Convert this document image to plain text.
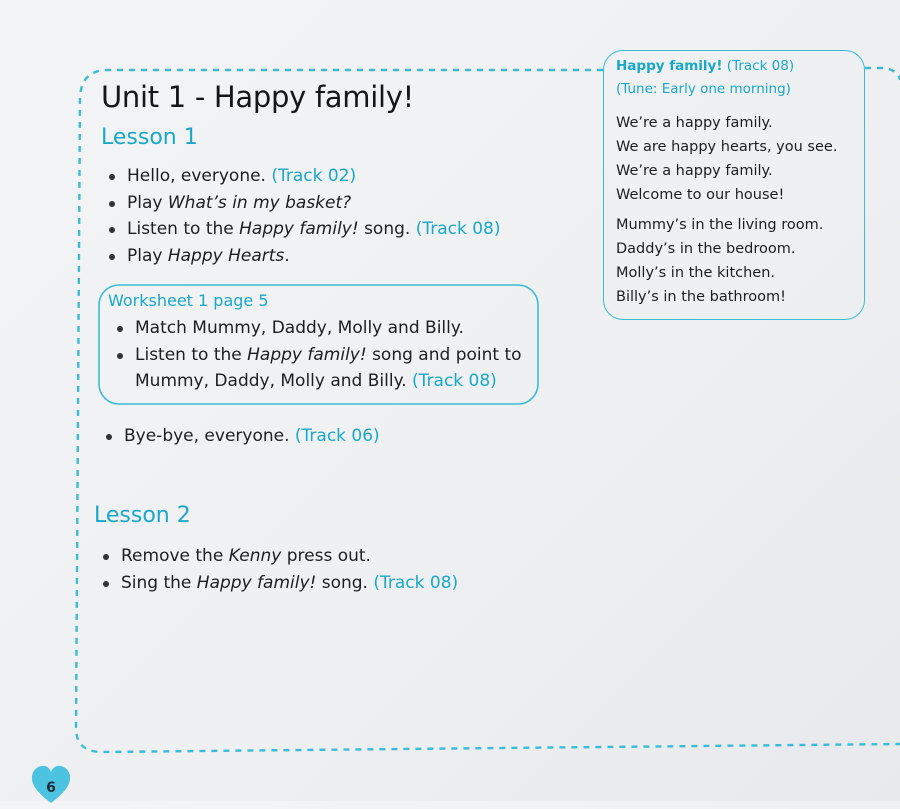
Unit 1 - Happy family!
Lesson 1
Hello, everyone. (Track 02)
Play What’s in my basket?
Listen to the Happy family! song. (Track 08)
Play Happy Hearts.
Worksheet 1 page 5
Match Mummy, Daddy, Molly and Billy.
Listen to the Happy family! song and point to
Mummy, Daddy, Molly and Billy. (Track 08)
Bye-bye, everyone. (Track 06)
Lesson 2
Remove the Kenny press out.
Sing the Happy family! song. (Track 08)
Happy family! (Track 08)
(Tune: Early one morning)
We’re a happy family.
We are happy hearts, you see.
We’re a happy family.
Welcome to our house!
Mummy’s in the living room.
Daddy’s in the bedroom.
Molly’s in the kitchen.
Billy’s in the bathroom!
6
